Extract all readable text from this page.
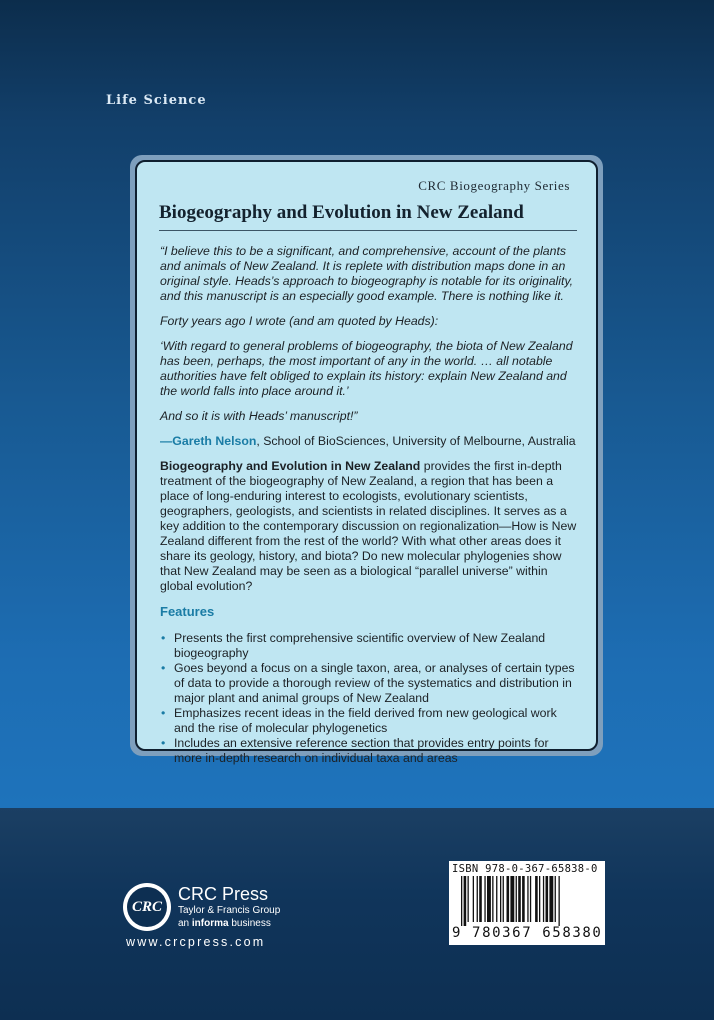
Life Science
CRC Biogeography Series
Biogeography and Evolution in New Zealand

“I believe this to be a significant, and comprehensive, account of the plants and animals of New Zealand. It is replete with distribution maps done in an original style. Heads’s approach to biogeography is notable for its originality, and this manuscript is an especially good example. There is nothing like it.

Forty years ago I wrote (and am quoted by Heads):

‘With regard to general problems of biogeography, the biota of New Zealand has been, perhaps, the most important of any in the world. … all notable authorities have felt obliged to explain its history: explain New Zealand and the world falls into place around it.’

And so it is with Heads’ manuscript!”

—Gareth Nelson, School of BioSciences, University of Melbourne, Australia

Biogeography and Evolution in New Zealand provides the first in-depth treatment of the biogeography of New Zealand, a region that has been a place of long-enduring interest to ecologists, evolutionary scientists, geographers, geologists, and scientists in related disciplines. It serves as a key addition to the contemporary discussion on regionalization—How is New Zealand different from the rest of the world? With what other areas does it share its geology, history, and biota? Do new molecular phylogenies show that New Zealand may be seen as a biological “parallel universe” within global evolution?

Features
• Presents the first comprehensive scientific overview of New Zealand biogeography
• Goes beyond a focus on a single taxon, area, or analyses of certain types of data to provide a thorough review of the systematics and distribution in major plant and animal groups of New Zealand
• Emphasizes recent ideas in the field derived from new geological work and the rise of molecular phylogenetics
• Includes an extensive reference section that provides entry points for more in-depth research on individual taxa and areas
CRC
CRC Press
Taylor & Francis Group
an informa business
www.crcpress.com
ISBN 978-0-367-65838-0
9 780367 658380
